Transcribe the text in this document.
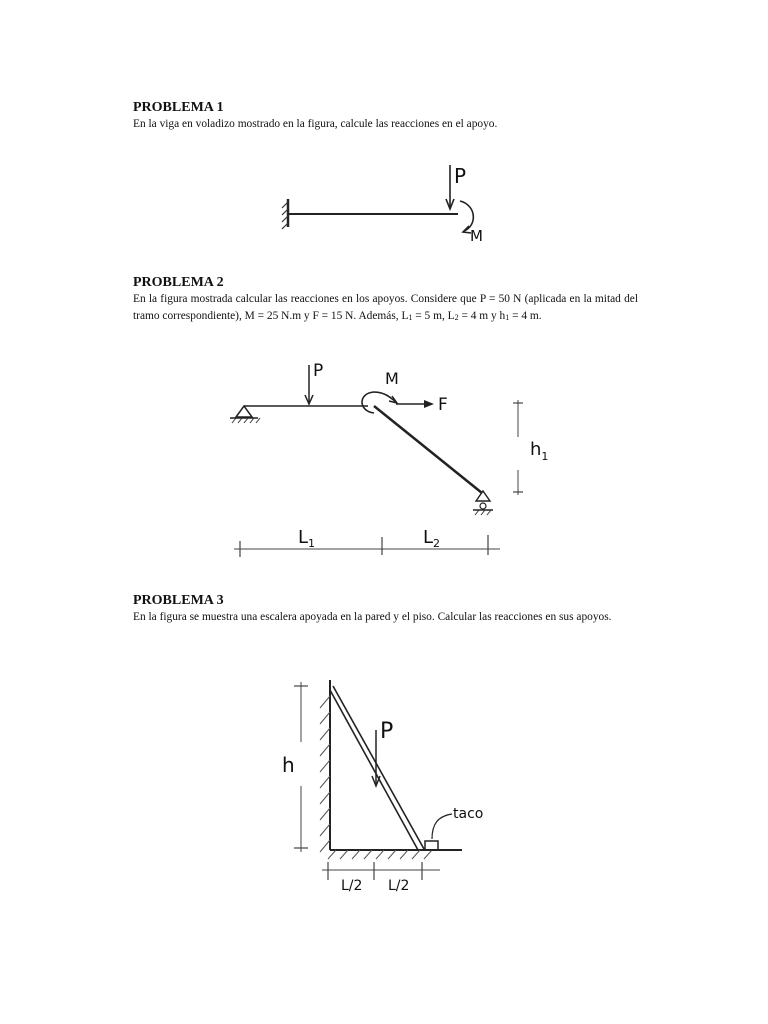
PROBLEMA 1

En la viga en voladizo mostrado en la figura, calcule las reacciones en el apoyo.

P
M

PROBLEMA 2

En la figura mostrada calcular las reacciones en los apoyos. Considere que P = 50 N (aplicada en la mitad del tramo correspondiente), M = 25 N.m y F = 15 N. Además, $L_1 = 5$ m, $L_2 = 4$ m y $h_1 = 4$ m.

P	M
F
$h_1$
$L_1$	$L_2$

PROBLEMA 3

En la figura se muestra una escalera apoyada en la pared y el piso. Calcular las reacciones en sus apoyos.

taco
P
h
L/2 L/2
